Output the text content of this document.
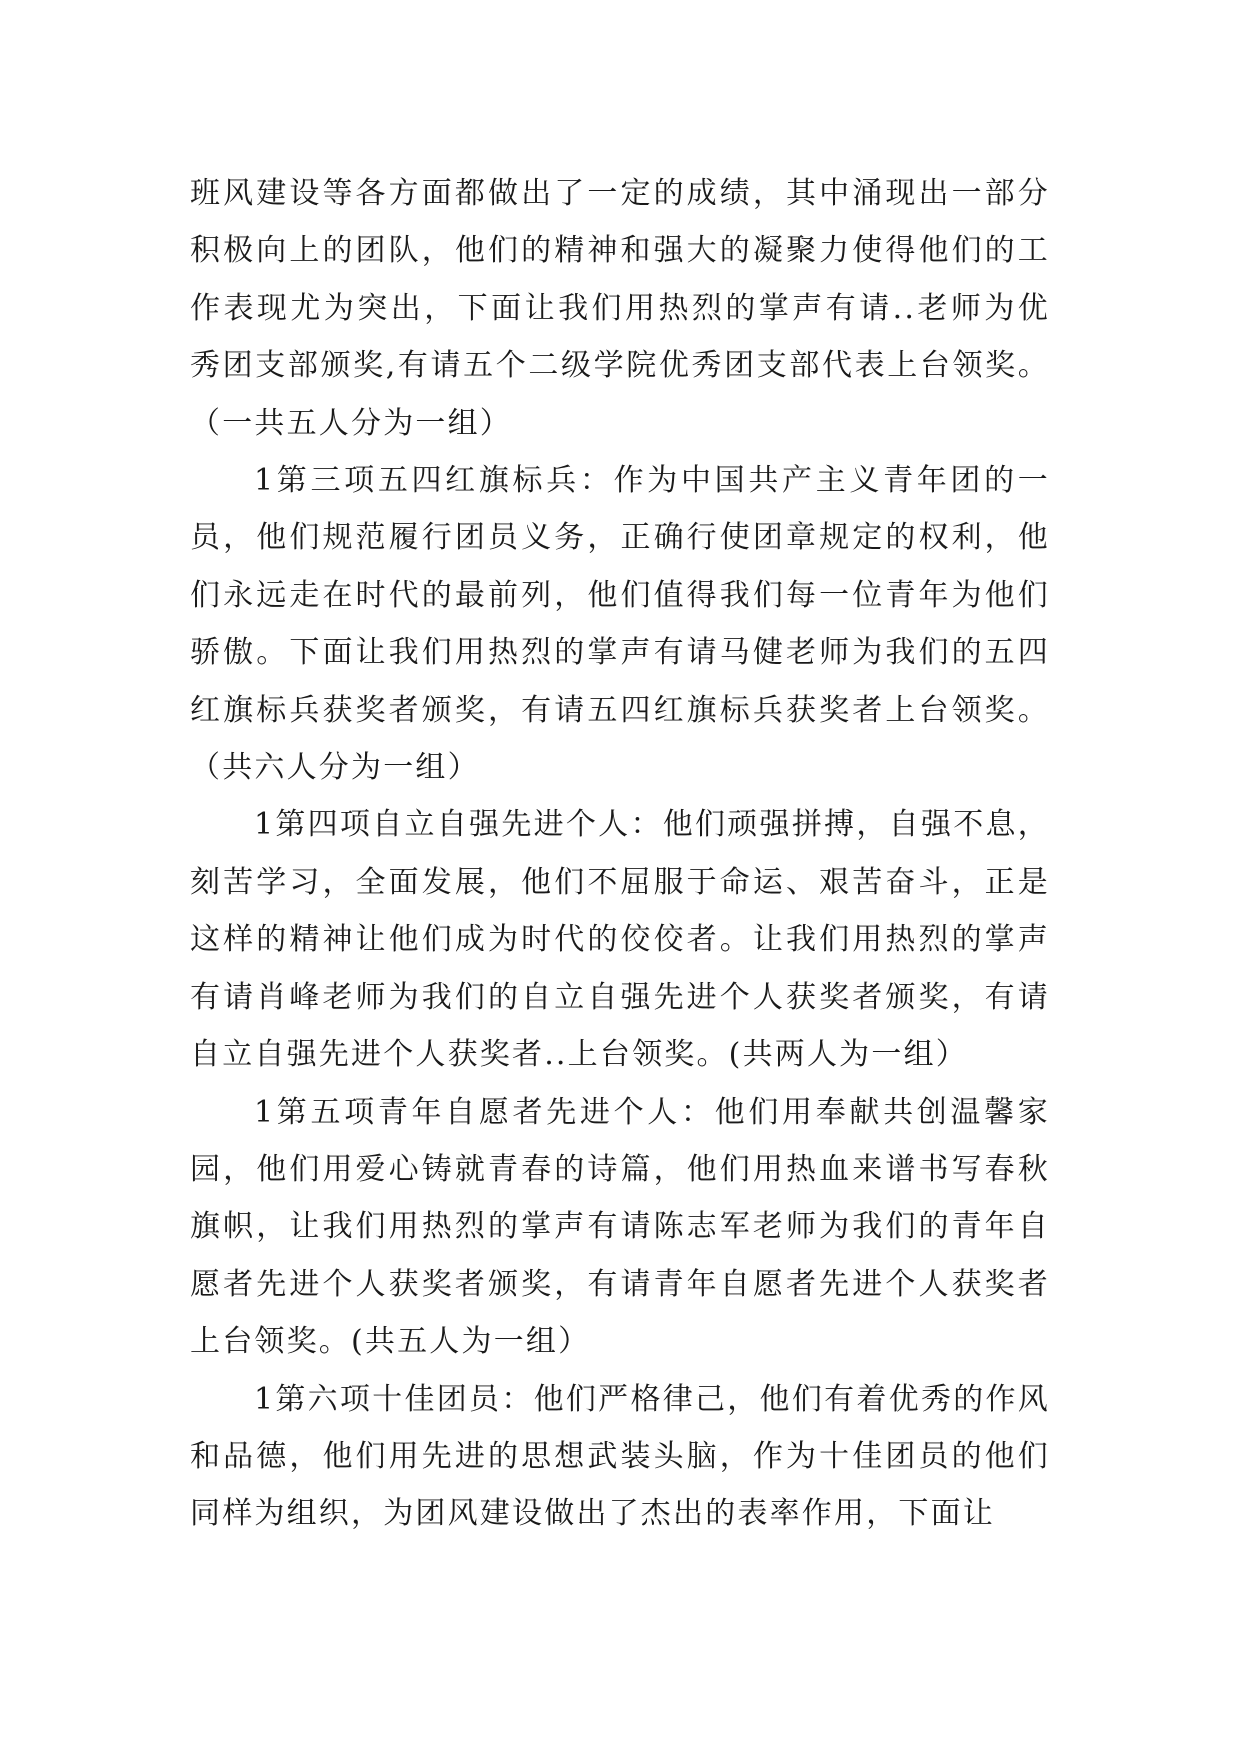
班风建设等各方面都做出了一定的成绩，其中涌现出一部分积极向上的团队，他们的精神和强大的凝聚力使得他们的工作表现尤为突出，下面让我们用热烈的掌声有请..老师为优秀团支部颁奖,有请五个二级学院优秀团支部代表上台领奖。（一共五人分为一组）

1第三项五四红旗标兵：作为中国共产主义青年团的一员，他们规范履行团员义务，正确行使团章规定的权利，他们永远走在时代的最前列，他们值得我们每一位青年为他们骄傲。下面让我们用热烈的掌声有请马健老师为我们的五四红旗标兵获奖者颁奖，有请五四红旗标兵获奖者上台领奖。（共六人分为一组）

1第四项自立自强先进个人：他们顽强拼搏，自强不息，刻苦学习，全面发展，他们不屈服于命运、艰苦奋斗，正是这样的精神让他们成为时代的佼佼者。让我们用热烈的掌声有请肖峰老师为我们的自立自强先进个人获奖者颁奖，有请自立自强先进个人获奖者..上台领奖。(共两人为一组）

1第五项青年自愿者先进个人：他们用奉献共创温馨家园，他们用爱心铸就青春的诗篇，他们用热血来谱书写春秋旗帜，让我们用热烈的掌声有请陈志军老师为我们的青年自愿者先进个人获奖者颁奖，有请青年自愿者先进个人获奖者上台领奖。(共五人为一组）

1第六项十佳团员：他们严格律己，他们有着优秀的作风和品德，他们用先进的思想武装头脑，作为十佳团员的他们同样为组织，为团风建设做出了杰出的表率作用，下面让
